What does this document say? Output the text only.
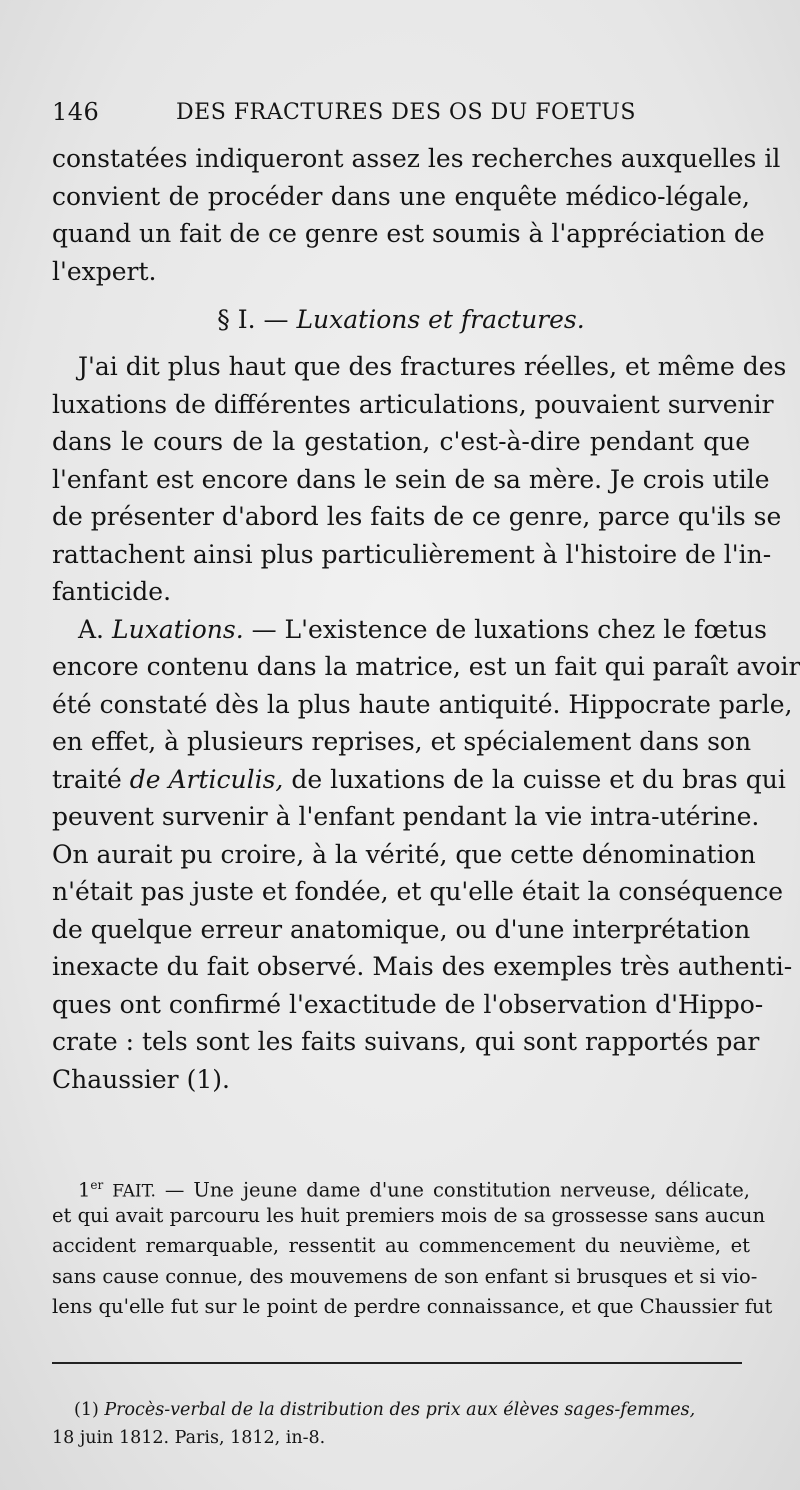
146	DES FRACTURES DES OS DU FOETUS
constatées indiqueront assez les recherches auxquelles il
convient de procéder dans une enquête médico-légale,
quand un fait de ce genre est soumis à l'appréciation de
l'expert.
§ I. — Luxations et fractures.
J'ai dit plus haut que des fractures réelles, et même des
luxations de différentes articulations, pouvaient survenir
dans le cours de la gestation, c'est-à-dire pendant que
l'enfant est encore dans le sein de sa mère. Je crois utile
de présenter d'abord les faits de ce genre, parce qu'ils se
rattachent ainsi plus particulièrement à l'histoire de l'in-
fanticide.
A. Luxations. — L'existence de luxations chez le fœtus
encore contenu dans la matrice, est un fait qui paraît avoir
été constaté dès la plus haute antiquité. Hippocrate parle,
en effet, à plusieurs reprises, et spécialement dans son
traité de Articulis, de luxations de la cuisse et du bras qui
peuvent survenir à l'enfant pendant la vie intra-utérine.
On aurait pu croire, à la vérité, que cette dénomination
n'était pas juste et fondée, et qu'elle était la conséquence
de quelque erreur anatomique, ou d'une interprétation
inexacte du fait observé. Mais des exemples très authenti-
ques ont confirmé l'exactitude de l'observation d'Hippo-
crate : tels sont les faits suivans, qui sont rapportés par
Chaussier (1).
1er FAIT. — Une jeune dame d'une constitution nerveuse, délicate,
et qui avait parcouru les huit premiers mois de sa grossesse sans aucun
accident remarquable, ressentit au commencement du neuvième, et
sans cause connue, des mouvemens de son enfant si brusques et si vio-
lens qu'elle fut sur le point de perdre connaissance, et que Chaussier fut
(1) Procès-verbal de la distribution des prix aux élèves sages-femmes,
18 juin 1812. Paris, 1812, in-8.
